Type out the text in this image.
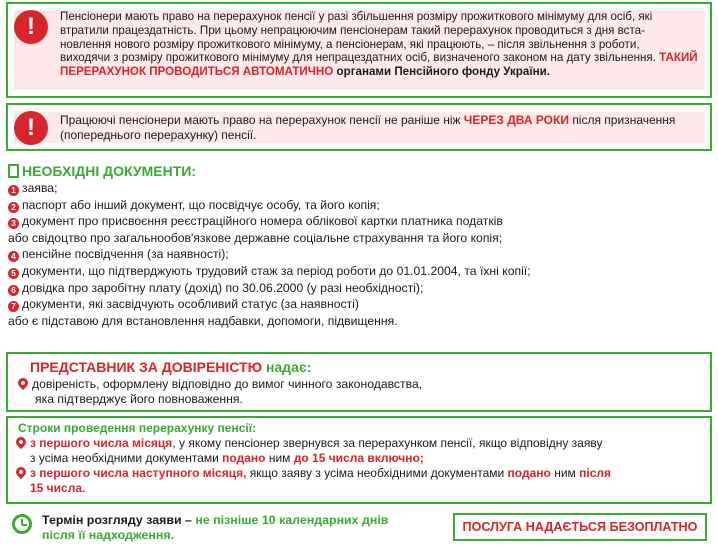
!	Пенсіонери мають право на перерахунок пенсії у разі збільшення розміру прожиткового мінімуму для осіб, які
втратили працездатність. При цьому непрацюючим пенсіонерам такий перерахунок проводиться з дня вста-
новлення нового розміру прожиткового мінімуму, а пенсіонерам, які працюють, – після звільнення з роботи,
виходячи з розміру прожиткового мінімуму для непрацездатних осіб, визначеного законом на дату звільнення. ТАКИЙ
ПЕРЕРАХУНОК ПРОВОДИТЬСЯ АВТОМАТИЧНО органами Пенсійного фонду України.
!	Працюючі пенсіонери мають право на перерахунок пенсії не раніше ніж ЧЕРЕЗ ДВА РОКИ після призначення
(попереднього перерахунку) пенсії.
НЕОБХІДНІ ДОКУМЕНТИ:
1 заява;
2 паспорт або інший документ, що посвідчує особу, та його копія;
3 документ про присвоєння реєстраційного номера облікової картки платника податків
або свідоцтво про загальнообов'язкове державне соціальне страхування та його копія;
4 пенсійне посвідчення (за наявності);
5 документи, що підтверджують трудовий стаж за період роботи до 01.01.2004, та їхні копії;
6 довідка про заробітну плату (дохід) по 30.06.2000 (у разі необхідності);
7 документи, які засвідчують особливий статус (за наявності)
або є підставою для встановлення надбавки, допомоги, підвищення.
ПРЕДСТАВНИК ЗА ДОВІРЕНІСТЮ надає:
довіреність, оформлену відповідно до вимог чинного законодавства,
яка підтверджує його повноваження.
Строки проведення перерахунку пенсії:
з першого числа місяця, у якому пенсіонер звернувся за перерахунком пенсії, якщо відповідну заяву
з усіма необхідними документами подано ним до 15 числа включно;
з першого числа наступного місяця, якщо заяву з усіма необхідними документами подано ним після
15 числа.
Термін розгляду заяви – не пізніше 10 календарних днів
після її надходження.
ПОСЛУГА НАДАЄТЬСЯ БЕЗОПЛАТНО
